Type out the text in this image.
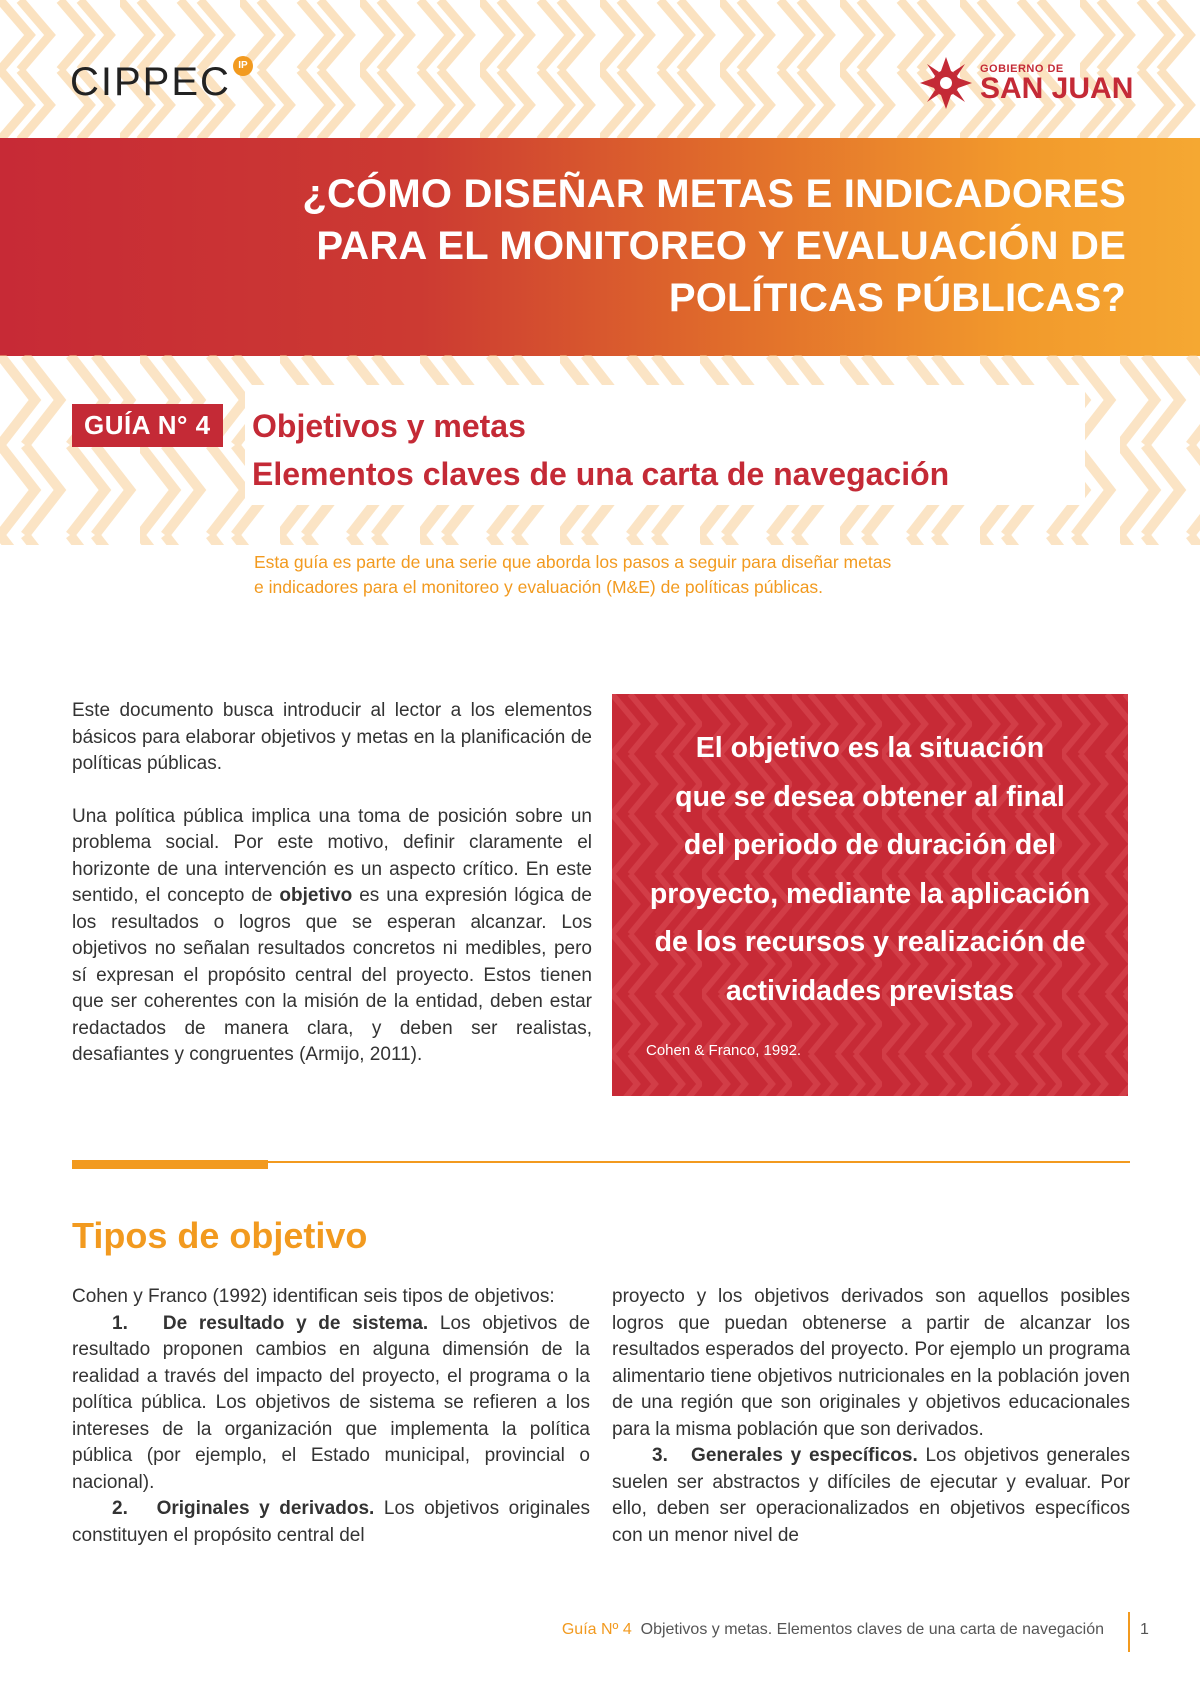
CIPPEC IP	GOBIERNO DE
SAN JUAN
¿CÓMO DISEÑAR METAS E INDICADORES
PARA EL MONITOREO Y EVALUACIÓN DE
POLÍTICAS PÚBLICAS?
GUÍA N° 4	Objetivos y metas
Elementos claves de una carta de navegación
Esta guía es parte de una serie que aborda los pasos a seguir para diseñar metas
e indicadores para el monitoreo y evaluación (M&E) de políticas públicas.

Este documento busca introducir al lector a los elementos básicos para elaborar objetivos y metas en la planificación de políticas públicas.

Una política pública implica una toma de posición sobre un problema social. Por este motivo, definir claramente el horizonte de una intervención es un aspecto crítico. En este sentido, el concepto de objetivo es una expresión lógica de los resultados o logros que se esperan alcanzar. Los objetivos no señalan resultados concretos ni medibles, pero sí expresan el propósito central del proyecto. Estos tienen que ser coherentes con la misión de la entidad, deben estar redactados de manera clara, y deben ser realistas, desafiantes y congruentes (Armijo, 2011).

El objetivo es la situación
que se desea obtener al final
del periodo de duración del
proyecto, mediante la aplicación
de los recursos y realización de
actividades previstas
Cohen & Franco, 1992.
Tipos de objetivo

Cohen y Franco (1992) identifican seis tipos de objetivos:

1. De resultado y de sistema. Los objetivos de resultado proponen cambios en alguna dimensión de la realidad a través del impacto del proyecto, el programa o la política pública. Los objetivos de sistema se refieren a los intereses de la organización que implementa la política pública (por ejemplo, el Estado municipal, provincial o nacional).

2. Originales y derivados. Los objetivos originales constituyen el propósito central del

proyecto y los objetivos derivados son aquellos posibles logros que puedan obtenerse a partir de alcanzar los resultados esperados del proyecto. Por ejemplo un programa alimentario tiene objetivos nutricionales en la población joven de una región que son originales y objetivos educacionales para la misma población que son derivados.

3. Generales y específicos. Los objetivos generales suelen ser abstractos y difíciles de ejecutar y evaluar. Por ello, deben ser operacionalizados en objetivos específicos con un menor nivel de

Guía Nº 4 Objetivos y metas. Elementos claves de una carta de navegación 1
